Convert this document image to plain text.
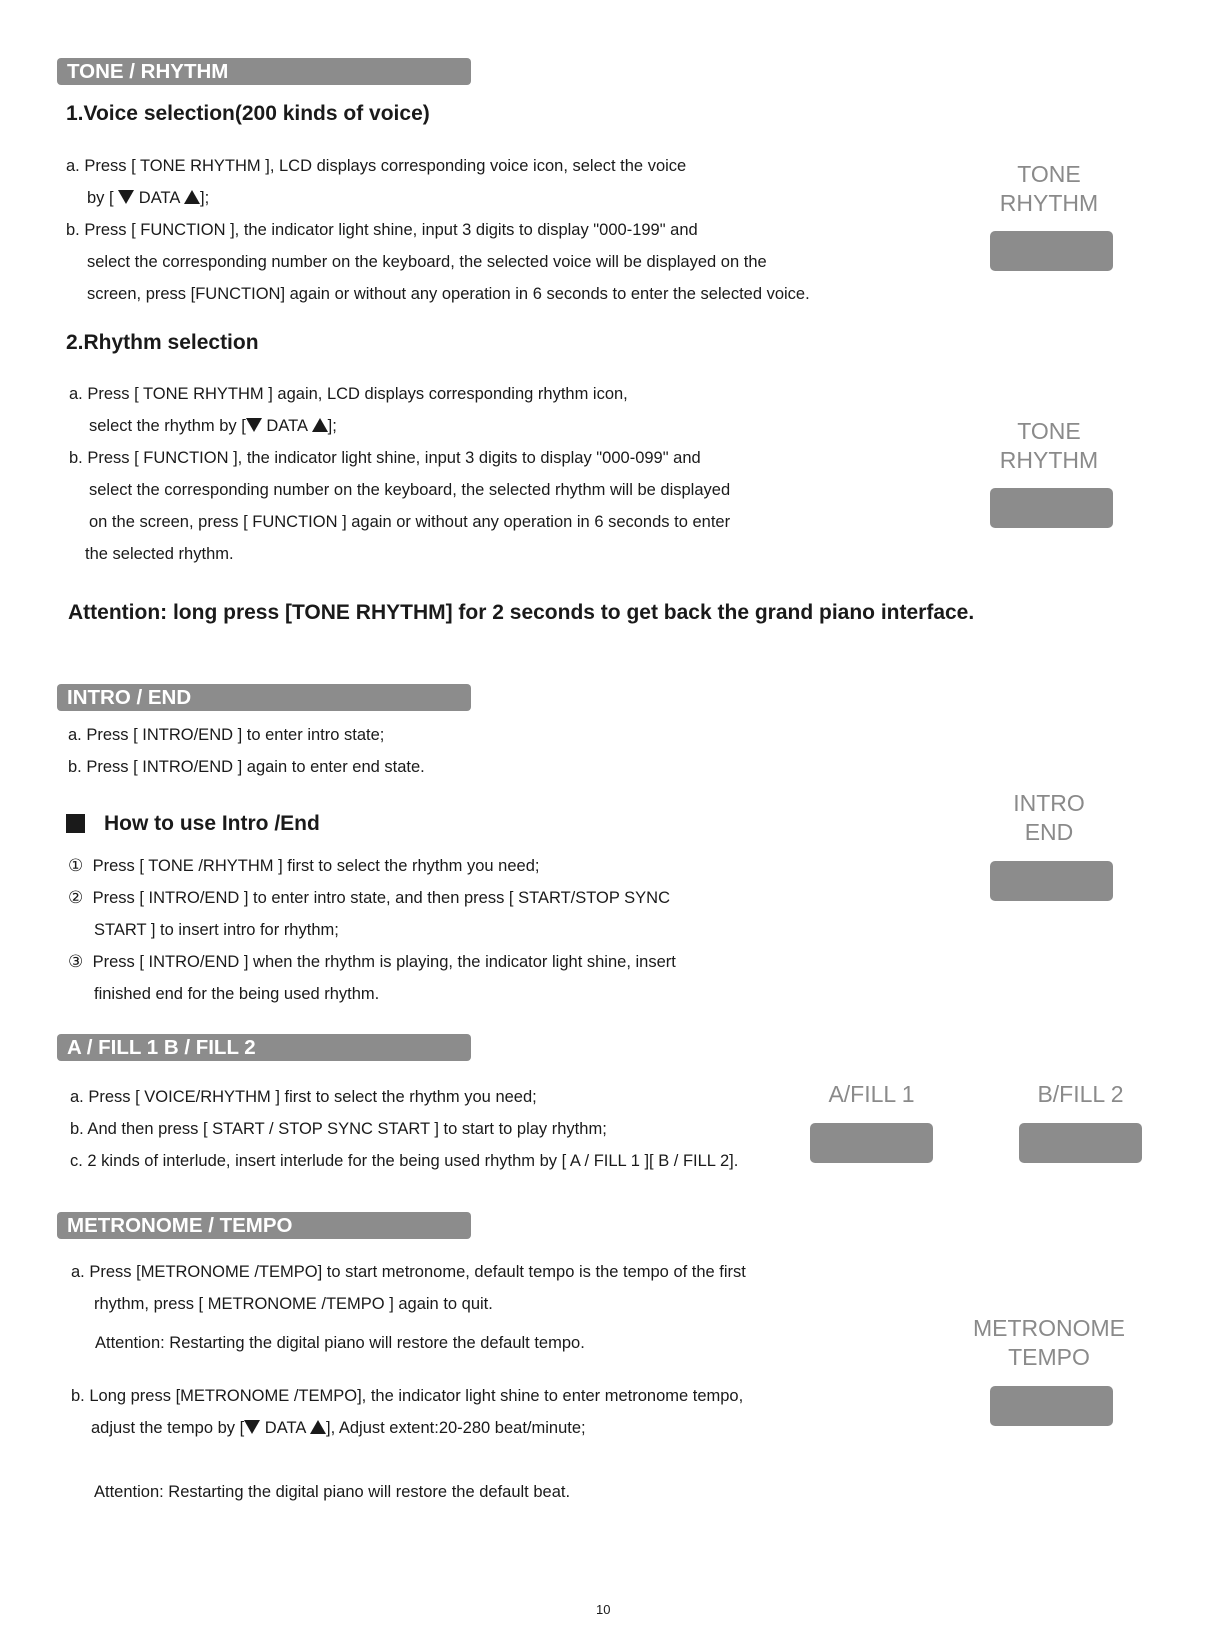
TONE / RHYTHM
1.Voice selection(200 kinds of voice)
a. Press [ TONE RHYTHM ], LCD displays corresponding voice icon, select the voice
by [  DATA ];
b. Press [ FUNCTION ], the indicator light shine, input 3 digits to display "000-199" and
select the corresponding number on the keyboard, the selected voice will be displayed on the
screen, press [FUNCTION] again or without any operation in 6 seconds to enter the selected voice.
TONE
RHYTHM
2.Rhythm selection
a. Press [ TONE RHYTHM ] again, LCD displays corresponding rhythm icon,
select the rhythm by [ DATA ];
b. Press [ FUNCTION ], the indicator light shine, input 3 digits to display "000-099" and
select the corresponding number on the keyboard, the selected rhythm will be displayed
on the screen, press [ FUNCTION ] again or without any operation in 6 seconds to enter
the selected rhythm.
TONE
RHYTHM
Attention: long press [TONE RHYTHM] for 2 seconds to get back the grand piano interface.
INTRO / END
a. Press [ INTRO/END ] to enter intro state;
b. Press [ INTRO/END ] again to enter end state.
How to use Intro /End
① Press [ TONE /RHYTHM ] first to select the rhythm you need;
② Press [ INTRO/END ] to enter intro state, and then press [ START/STOP SYNC
START ] to insert intro for rhythm;
③ Press [ INTRO/END ] when the rhythm is playing, the indicator light shine, insert
finished end for the being used rhythm.
INTRO
END
A / FILL 1 B / FILL 2
a. Press [ VOICE/RHYTHM ] first to select the rhythm you need;
b. And then press [ START / STOP SYNC START ] to start to play rhythm;
c. 2 kinds of interlude, insert interlude for the being used rhythm by [ A / FILL 1 ][ B / FILL 2].
A/FILL 1	B/FILL 2
METRONOME / TEMPO
a. Press [METRONOME /TEMPO] to start metronome, default tempo is the tempo of the first
rhythm, press [ METRONOME /TEMPO ] again to quit.
Attention: Restarting the digital piano will restore the default tempo.
b. Long press [METRONOME /TEMPO], the indicator light shine to enter metronome tempo,
adjust the tempo by [ DATA ], Adjust extent:20-280 beat/minute;
Attention: Restarting the digital piano will restore the default beat.
METRONOME
TEMPO
10
